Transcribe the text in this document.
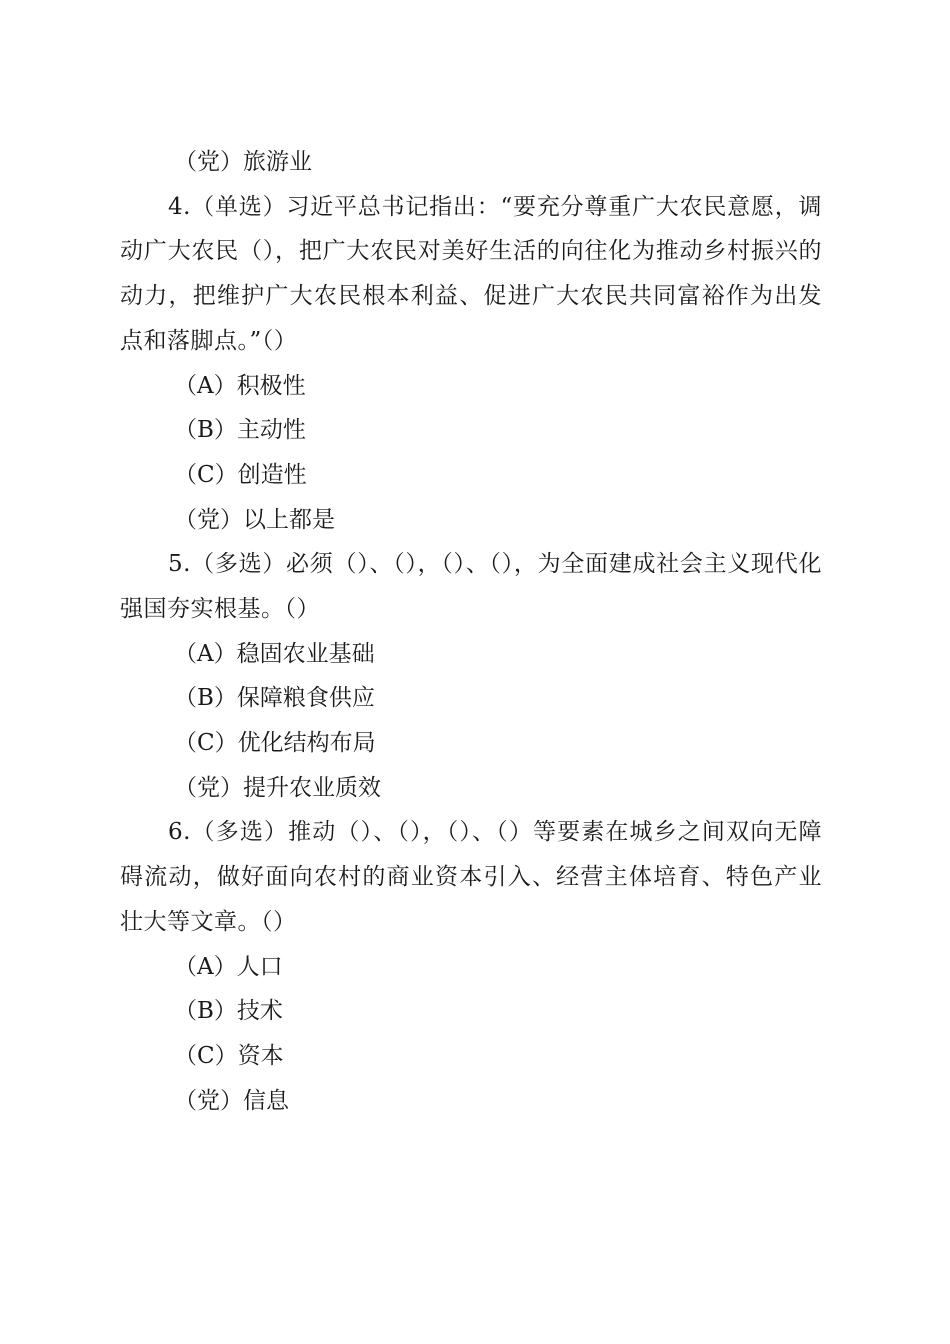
（党）旅游业
4.（单选）习近平总书记指出：“要充分尊重广大农民意愿，调动广大农民（），把广大农民对美好生活的向往化为推动乡村振兴的动力，把维护广大农民根本利益、促进广大农民共同富裕作为出发点和落脚点。”（）
（A）积极性
（B）主动性
（C）创造性
（党）以上都是
5.（多选）必须（）、（），（）、（），为全面建成社会主义现代化强国夯实根基。（）
（A）稳固农业基础
（B）保障粮食供应
（C）优化结构布局
（党）提升农业质效
6.（多选）推动（）、（），（）、（）等要素在城乡之间双向无障碍流动，做好面向农村的商业资本引入、经营主体培育、特色产业壮大等文章。（）
（A）人口
（B）技术
（C）资本
（党）信息
